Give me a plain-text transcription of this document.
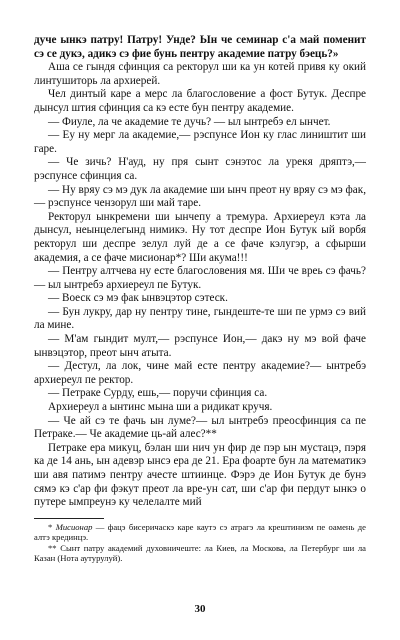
дуче ынкэ патру! Патру! Унде? Ын че семинар с'а май поменит сэ се дукэ, адикэ сэ фие бунь пентру академие патру бэець?»

Аша се гындя сфинция са ректорул ши ка ун котей привя ку окий линтушиторь ла архиерей.

Чел динтый каре а мерс ла благословение а фост Бутук. Деспре дынсул штия сфинция са кэ есте бун пентру академие.

— Фиуле, ла че академие те дучь? — ыл ынтребэ ел ынчет.

— Еу ну мерг ла академие,— рэспунсе Ион ку глас лиништит ши гаре.

— Че зичь? Н'ауд, ну пря сынт сэнэтос ла урекя дряптэ,— рэспунсе сфинция са.

— Ну вряу сэ мэ дук ла академие ши ынч преот ну вряу сэ мэ фак,— рэспунсе чензорул ши май таре.

Ректорул ынкремени ши ынчепу а тремура. Архиереул кэта ла дынсул, неынцелегынд нимикэ. Ну тот деспре Ион Бутук ый ворбя ректорул ши деспре зелул луй де а се фаче кэлугэр, а сфырши академия, а се фаче мисионар*? Ши акума!!!

— Пентру алтчева ну есте благословения мя. Ши че вреь сэ фачь?— ыл ынтребэ архиереул пе Бутук.

— Воеск сэ мэ фак ынвэцэтор сэтеск.

— Бун лукру, дар ну пентру тине, гындеште-те ши пе урмэ сэ вий ла мине.

— М'ам гындит мулт,— рэспунсе Ион,— дакэ ну мэ вой фаче ынвэцэтор, преот ынч атыта.

— Дестул, ла лок, чине май есте пентру академие?— ынтребэ архиереул пе ректор.

— Петраке Сурду, ешь,— поручи сфинция са.

Архиереул а ынтинс мына ши а ридикат кручя.

— Че ай сэ те фачь ын луме?— ыл ынтребэ преосфинция са пе Петраке.— Че академие ць-ай алес?**

Петраке ера микуц, бэлан ши нич ун фир де пэр ын мустацэ, пэря ка де 14 ань, ын адевэр ынсэ ера де 21. Ера фоарте бун ла математикэ ши авя патимэ пентру ачесте штиинце. Фэрэ де Ион Бутук де бунэ сямэ кэ с'ар фи фэкут преот ла вре-ун сат, ши с'ар фи пердут ынкэ о путере ымпреунэ ку челелалте мий

* Мисионар — фацэ бисеричаскэ каре каутэ сэ атрагэ ла крештинизм пе оамень де алтэ крединцэ.

** Сынт патру академий духовничеште: ла Киев, ла Москова, ла Петербург ши ла Казан (Нота аутурулуй).

30
